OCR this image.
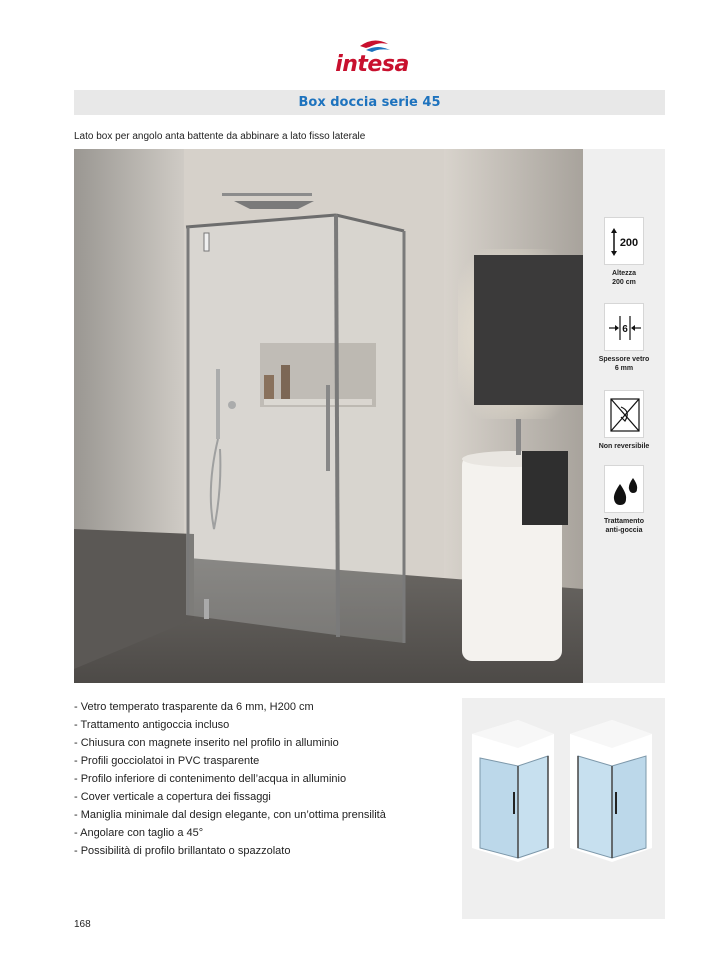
intesa
Box doccia serie 45
Lato box per angolo anta battente da abbinare a lato fisso laterale
200
Altezza
200 cm
6
Spessore vetro
6 mm
Non reversibile
Trattamento
anti-goccia
- Vetro temperato trasparente da 6 mm, H200 cm
- Trattamento antigoccia incluso
- Chiusura con magnete inserito nel profilo in alluminio
- Profili gocciolatoi in PVC trasparente
- Profilo inferiore di contenimento dell’acqua in alluminio
- Cover verticale a copertura dei fissaggi
- Maniglia minimale dal design elegante, con un’ottima prensilità
- Angolare con taglio a 45°
- Possibilità di profilo brillantato o spazzolato
168
